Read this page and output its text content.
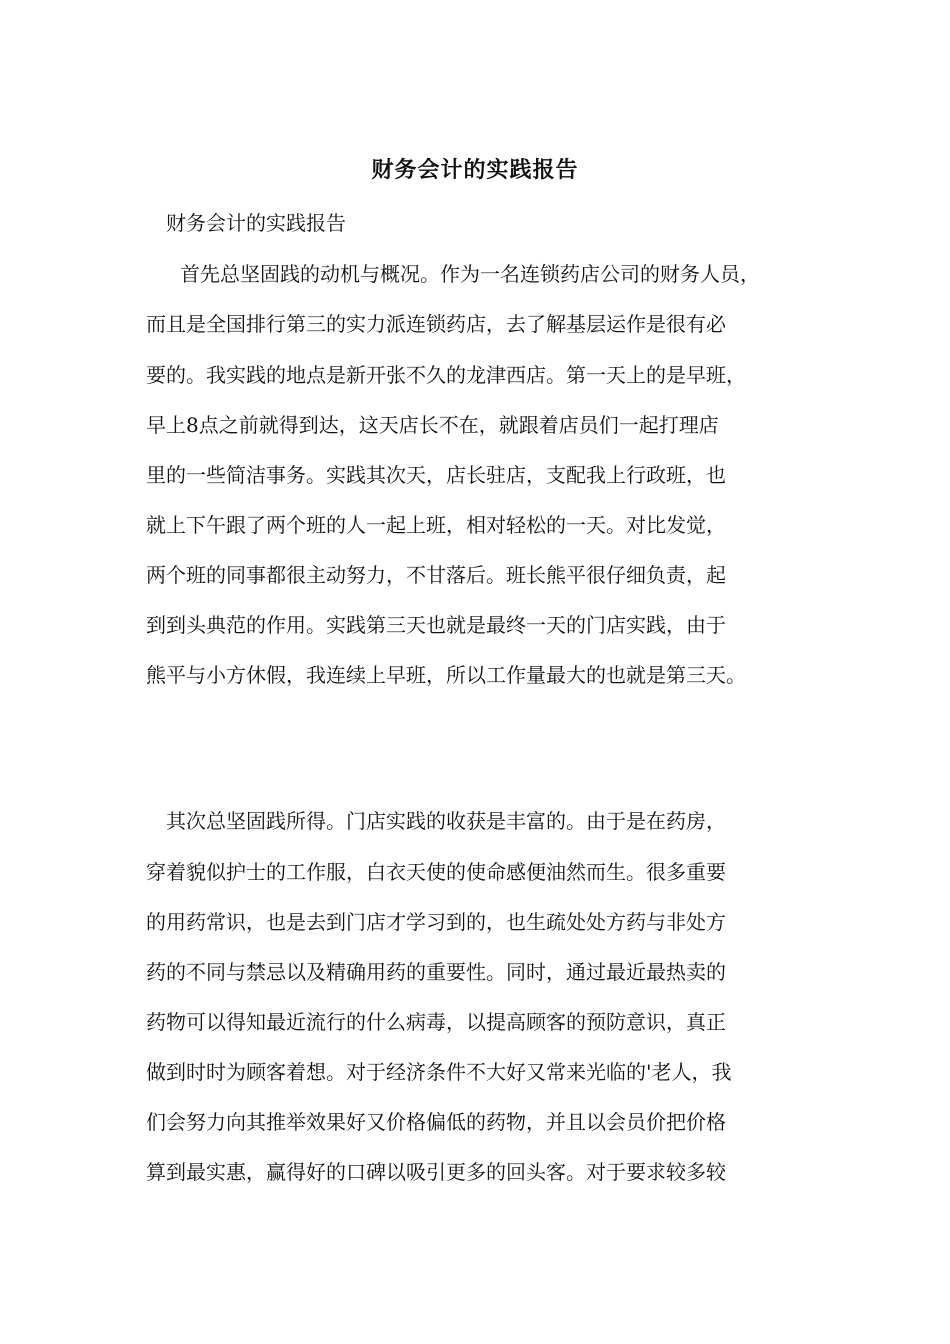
财务会计的实践报告
财务会计的实践报告
首先总坚固践的动机与概况。作为一名连锁药店公司的财务人员，
而且是全国排行第三的实力派连锁药店，去了解基层运作是很有必
要的。我实践的地点是新开张不久的龙津西店。第一天上的是早班，
早上8点之前就得到达，这天店长不在，就跟着店员们一起打理店
里的一些简洁事务。实践其次天，店长驻店，支配我上行政班，也
就上下午跟了两个班的人一起上班，相对轻松的一天。对比发觉，
两个班的同事都很主动努力，不甘落后。班长熊平很仔细负责，起
到到头典范的作用。实践第三天也就是最终一天的门店实践，由于
熊平与小方休假，我连续上早班，所以工作量最大的也就是第三天。
其次总坚固践所得。门店实践的收获是丰富的。由于是在药房，
穿着貌似护士的工作服，白衣天使的使命感便油然而生。很多重要
的用药常识，也是去到门店才学习到的，也生疏处处方药与非处方
药的不同与禁忌以及精确用药的重要性。同时，通过最近最热卖的
药物可以得知最近流行的什么病毒，以提高顾客的预防意识，真正
做到时时为顾客着想。对于经济条件不大好又常来光临的'老人，我
们会努力向其推举效果好又价格偏低的药物，并且以会员价把价格
算到最实惠，赢得好的口碑以吸引更多的回头客。对于要求较多较
